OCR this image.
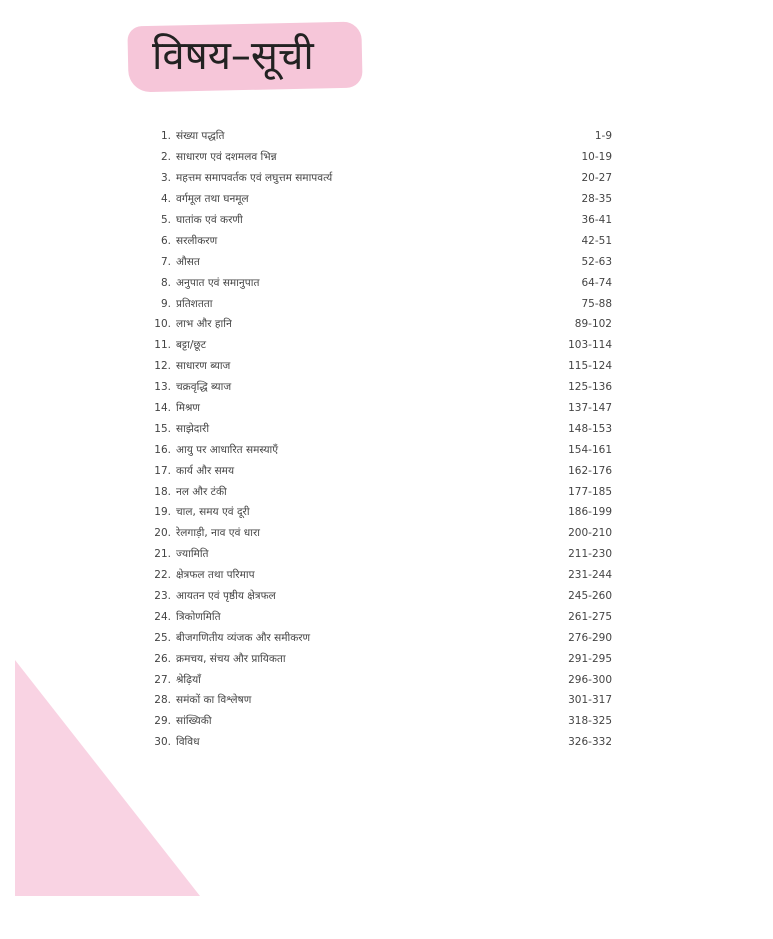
विषय–सूची
1. संख्या पद्धति	1-9
2. साधारण एवं दशमलव भिन्न	10-19
3. महत्तम समापवर्तक एवं लघुत्तम समापवर्त्य	20-27
4. वर्गमूल तथा घनमूल	28-35
5. घातांक एवं करणी	36-41
6. सरलीकरण	42-51
7. औसत	52-63
8. अनुपात एवं समानुपात	64-74
9. प्रतिशतता	75-88
10. लाभ और हानि	89-102
11. बट्टा/छूट	103-114
12. साधारण ब्याज	115-124
13. चक्रवृद्धि ब्याज	125-136
14. मिश्रण	137-147
15. साझेदारी	148-153
16. आयु पर आधारित समस्याएँ	154-161
17. कार्य और समय	162-176
18. नल और टंकी	177-185
19. चाल, समय एवं दूरी	186-199
20. रेलगाड़ी, नाव एवं धारा	200-210
21. ज्यामिति	211-230
22. क्षेत्रफल तथा परिमाप	231-244
23. आयतन एवं पृष्ठीय क्षेत्रफल	245-260
24. त्रिकोणमिति	261-275
25. बीजगणितीय व्यंजक और समीकरण	276-290
26. क्रमचय, संचय और प्रायिकता	291-295
27. श्रेढ़ियाँ	296-300
28. समंकों का विश्लेषण	301-317
29. सांख्यिकी	318-325
30. विविध	326-332
